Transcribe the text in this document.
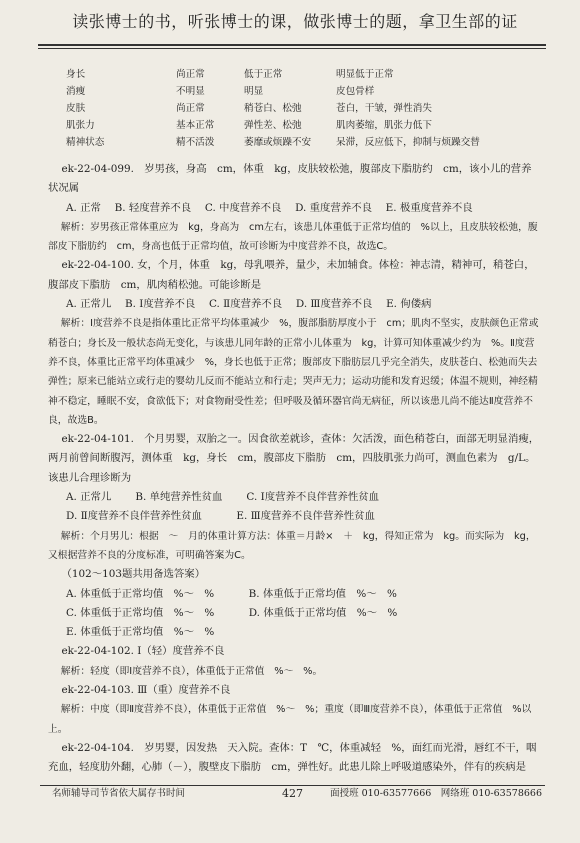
读张博士的书，听张博士的课，做张博士的题，拿卫生部的证
身长	尚正常	低于正常	明显低于正常
消瘦	不明显	明显	皮包骨样
皮肤	尚正常	稍苍白、松弛	苍白，干皱，弹性消失
肌张力	基本正常	弹性差、松弛	肌肉萎缩，肌张力低下
精神状态	精不活泼	萎靡或烦躁不安	呆滞，反应低下，抑制与烦躁交替

ek-22-04-099.　岁男孩，身高　cm，体重　kg，皮肤较松弛，腹部皮下脂肪约　cm，该小儿的营养状况属

A. 正常　 B. 轻度营养不良　 C. 中度营养不良　 D. 重度营养不良　 E. 极重度营养不良

解析：岁男孩正常体重应为　kg，身高为　cm左右，该患儿体重低于正常均值的　%以上，且皮肤较松弛，腹部皮下脂肪约　cm，身高也低于正常均值，故可诊断为中度营养不良，故选C。

ek-22-04-100. 女，个月，体重　kg，母乳喂养，量少，未加辅食。体检：神志清，精神可，稍苍白，腹部皮下脂肪　cm，肌肉稍松弛。可能诊断是

A. 正常儿　 B. Ⅰ度营养不良　 C. Ⅱ度营养不良　 D. Ⅲ度营养不良　 E. 佝偻病

解析：Ⅰ度营养不良是指体重比正常平均体重减少　%，腹部脂肪厚度小于　cm；肌肉不坚实，皮肤颜色正常或稍苍白；身长及一般状态尚无变化，与该患儿同年龄的正常小儿体重为　kg，计算可知体重减少约为　%。Ⅱ度营养不良，体重比正常平均体重减少　%，身长也低于正常；腹部皮下脂肪层几乎完全消失，皮肤苍白、松弛而失去弹性；原来已能站立或行走的婴幼儿反而不能站立和行走；哭声无力；运动功能和发育迟缓；体温不规则，神经精神不稳定，睡眠不安，食欲低下；对食物耐受性差；但呼吸及循环器官尚无病征，所以该患儿尚不能达Ⅱ度营养不良，故选B。

ek-22-04-101.　个月男婴，双胎之一。因食欲差就诊，查体：欠活泼，面色稍苍白，面部无明显消瘦，两月前曾间断腹泻，测体重　kg，身长　cm，腹部皮下脂肪　cm，四肢肌张力尚可，测血色素为　g/L。该患儿合理诊断为

A. 正常儿　　 B. 单纯营养性贫血　　 C. Ⅰ度营养不良伴营养性贫血

D. Ⅱ度营养不良伴营养性贫血　　　 E. Ⅲ度营养不良伴营养性贫血

解析：个月男儿：根据　～　月的体重计算方法：体重＝月龄×　＋　kg，得知正常为　kg。而实际为　kg，又根据营养不良的分度标准，可明确答案为C。

（102～103题共用备选答案）

A. 体重低于正常均值　%～　%　　　 B. 体重低于正常均值　%～　%

C. 体重低于正常均值　%～　%　　　 D. 体重低于正常均值　%～　%

E. 体重低于正常均值　%～　%

ek-22-04-102. Ⅰ（轻）度营养不良

解析：轻度（即Ⅰ度营养不良），体重低于正常值　%～　%。

ek-22-04-103. Ⅲ（重）度营养不良

解析：中度（即Ⅱ度营养不良），体重低于正常值　%～　%；重度（即Ⅲ度营养不良），体重低于正常值　%以上。

ek-22-04-104.　岁男婴，因发热　天入院。查体：T　℃，体重减轻　%，面红而光滑，唇红不干，咽充血，轻度肋外翻，心肺（－），腹壁皮下脂肪　cm，弹性好。此患儿除上呼吸道感染外，伴有的疾病是

名师辅导司节省依大属存书时间	427	面授班 010-63577666　网络班 010-63578666
